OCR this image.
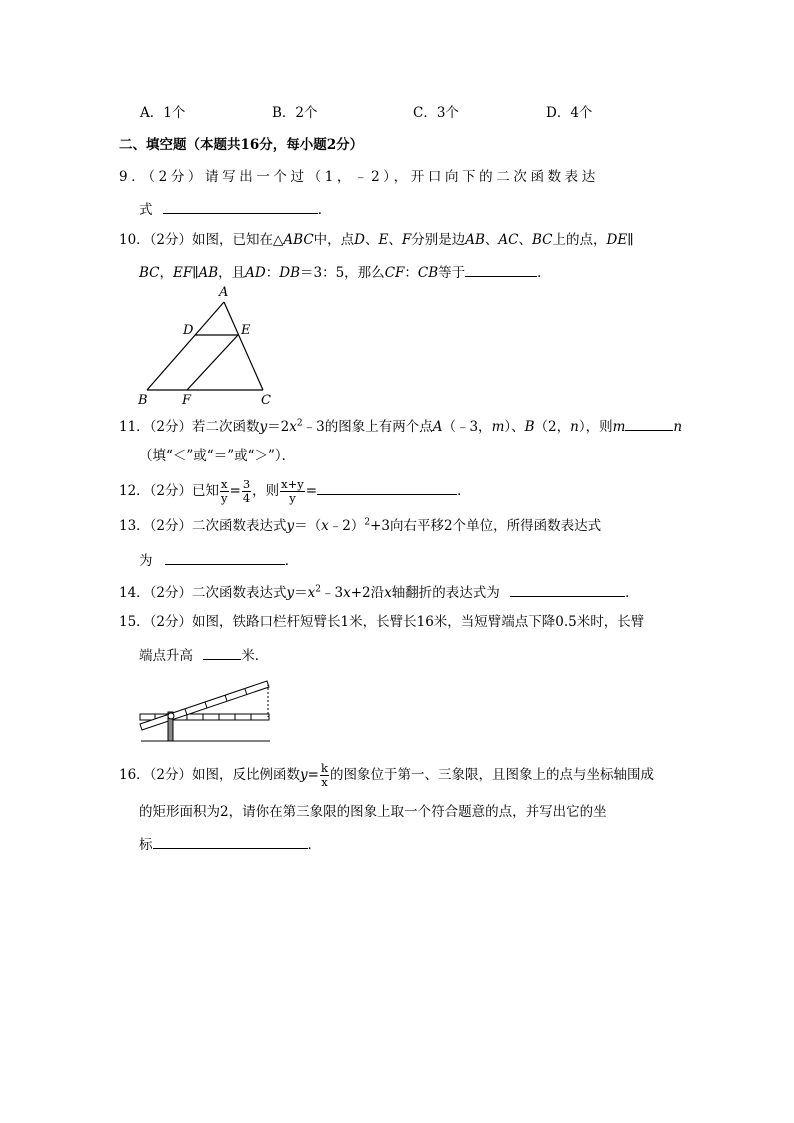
A．1个	B．2个	C．3个	D．4个
二、填空题（本题共16分，每小题2分）
9．（2分）请写出一个过（1，﹣2），开口向下的二次函数表达
式	．
10．（2分）如图，已知在△ABC中，点D、E、F分别是边AB、AC、BC上的点，DE∥
BC，EF∥AB，且AD：DB＝3：5，那么CF：CB等于	．
A
D	E
B	F	C
11．（2分）若二次函数$y=2x^2﹣3$的图象上有两个点A（﹣3，m）、B（2，n），则m	n
（填“＜”或“＝”或“＞”）．
12．（2分）已知 $\frac{x}{y} = \frac{3}{4}$ ，则 $\frac{x+y}{y}$ =	．
13．（2分）二次函数表达式y＝（x﹣2）$^2$+3向右平移2个单位，所得函数表达式
为	．
14．（2分）二次函数表达式$y=x^2﹣3x+2$沿x轴翻折的表达式为	．
15．（2分）如图，铁路口栏杆短臂长1米，长臂长16米，当短臂端点下降0.5米时，长臂
端点升高	米．
16．（2分）如图，反比例函数$y= \frac{k}{x}$ 的图象位于第一、三象限，且图象上的点与坐标轴围成
的矩形面积为2，请你在第三象限的图象上取一个符合题意的点，并写出它的坐
标	．
